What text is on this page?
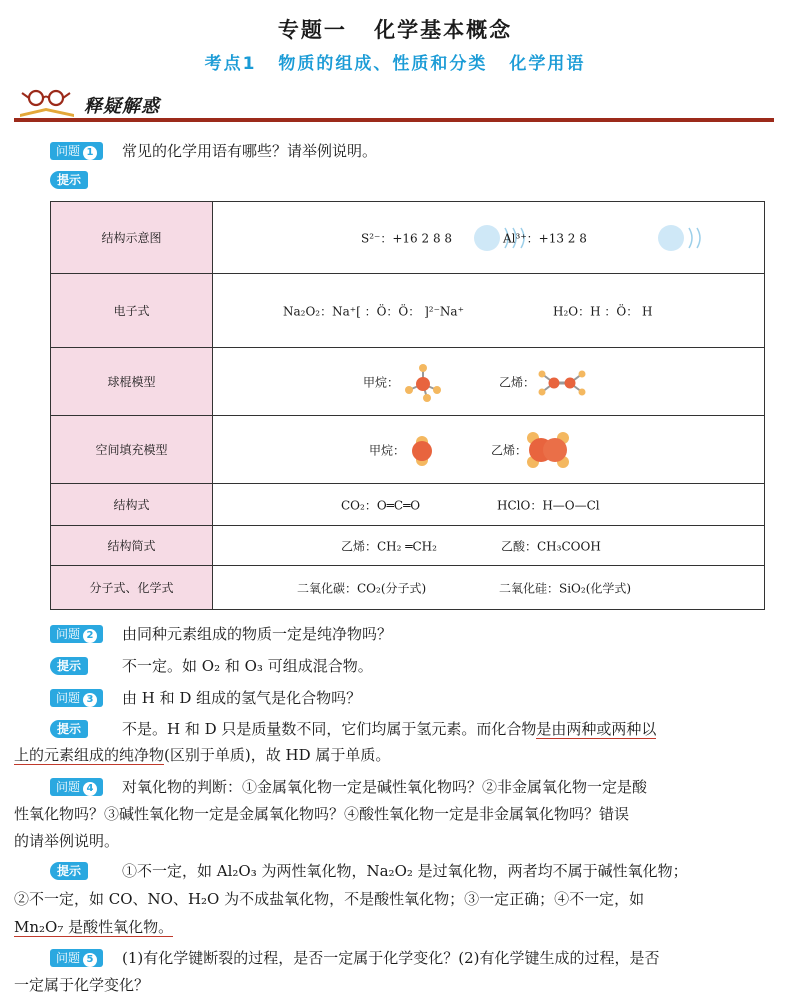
专题一 化学基本概念
考点1 物质的组成、性质和分类 化学用语
释疑解惑
问题 1	常见的化学用语有哪些？请举例说明。
提示
结构示意图	S²⁻：+16 2 8 8 Al³⁺：+13 2 8

电子式	Na₂O₂：Na⁺[ ：Ö：Ö： ]²⁻Na⁺ H₂O：H ：Ö： H

球棍模型	甲烷： 乙烯：

空间填充模型	甲烷： 乙烯：

结构式	CO₂：O═C═O HClO：H—O—Cl

结构简式	乙烯：CH₂ ═CH₂ 乙酸：CH₃COOH

分子式、化学式	二氧化碳：CO₂(分子式) 二氧化硅：SiO₂(化学式)
问题 2	由同种元素组成的物质一定是纯净物吗？
提示	不一定。如 O₂ 和 O₃ 可组成混合物。
问题 3	由 H 和 D 组成的氢气是化合物吗？
提示	不是。H 和 D 只是质量数不同，它们均属于氢元素。而化合物是由两种或两种以
上的元素组成的纯净物(区别于单质)，故 HD 属于单质。
问题 4	对氧化物的判断：①金属氧化物一定是碱性氧化物吗？②非金属氧化物一定是酸
性氧化物吗？③碱性氧化物一定是金属氧化物吗？④酸性氧化物一定是非金属氧化物吗？错误
的请举例说明。
提示	①不一定，如 Al₂O₃ 为两性氧化物，Na₂O₂ 是过氧化物，两者均不属于碱性氧化物；
②不一定，如 CO、NO、H₂O 为不成盐氧化物，不是酸性氧化物；③一定正确；④不一定，如
Mn₂O₇ 是酸性氧化物。
问题 5	(1)有化学键断裂的过程，是否一定属于化学变化？(2)有化学键生成的过程，是否
一定属于化学变化？
